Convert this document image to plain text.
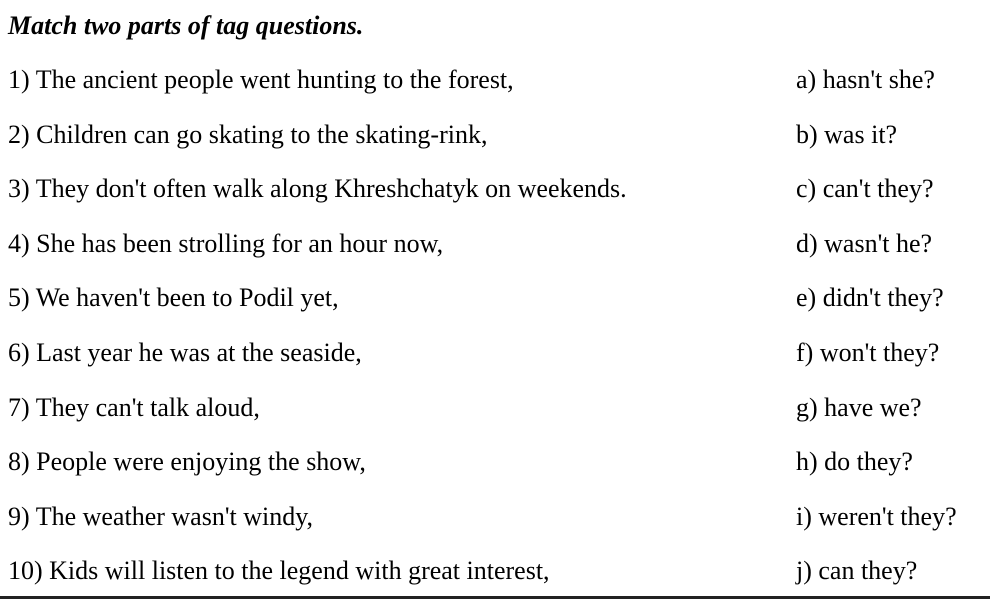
Match two parts of tag questions.
1) The ancient people went hunting to the forest,	a) hasn't she?
2) Children can go skating to the skating-rink,	b) was it?
3) They don't often walk along Khreshchatyk on weekends.	c) can't they?
4) She has been strolling for an hour now,	d) wasn't he?
5) We haven't been to Podil yet,	e) didn't they?
6) Last year he was at the seaside,	f) won't they?
7) They can't talk aloud,	g) have we?
8) People were enjoying the show,	h) do they?
9) The weather wasn't windy,	i) weren't they?
10) Kids will listen to the legend with great interest,	j) can they?
